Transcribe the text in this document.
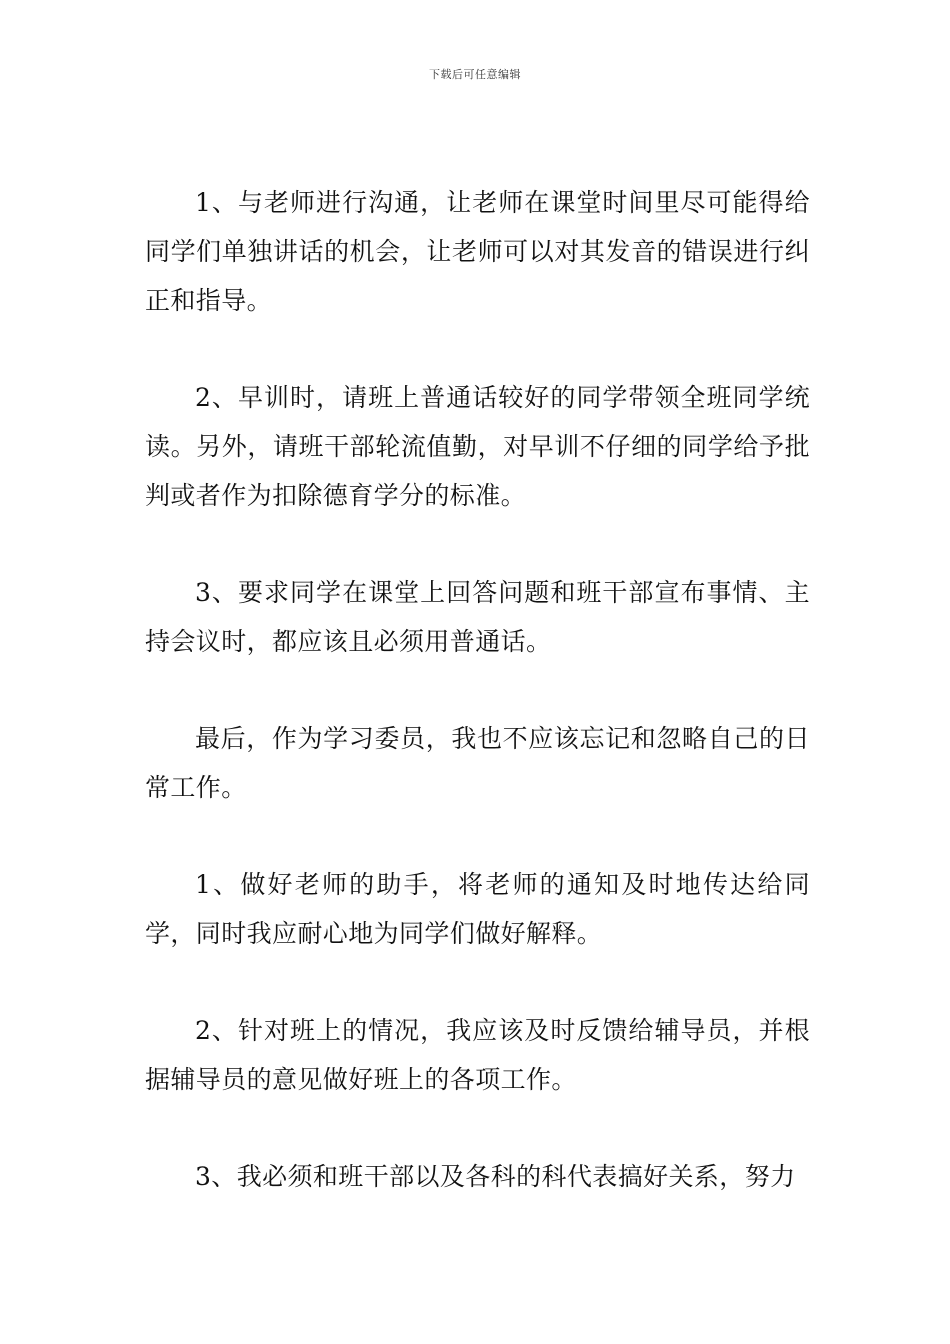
下载后可任意编辑

1、与老师进行沟通，让老师在课堂时间里尽可能得给同学们单独讲话的机会，让老师可以对其发音的错误进行纠正和指导。

2、早训时，请班上普通话较好的同学带领全班同学统读。另外，请班干部轮流值勤，对早训不仔细的同学给予批判或者作为扣除德育学分的标准。

3、要求同学在课堂上回答问题和班干部宣布事情、主持会议时，都应该且必须用普通话。

最后，作为学习委员，我也不应该忘记和忽略自己的日常工作。

1、做好老师的助手，将老师的通知及时地传达给同学，同时我应耐心地为同学们做好解释。

2、针对班上的情况，我应该及时反馈给辅导员，并根据辅导员的意见做好班上的各项工作。

3、我必须和班干部以及各科的科代表搞好关系，努力
